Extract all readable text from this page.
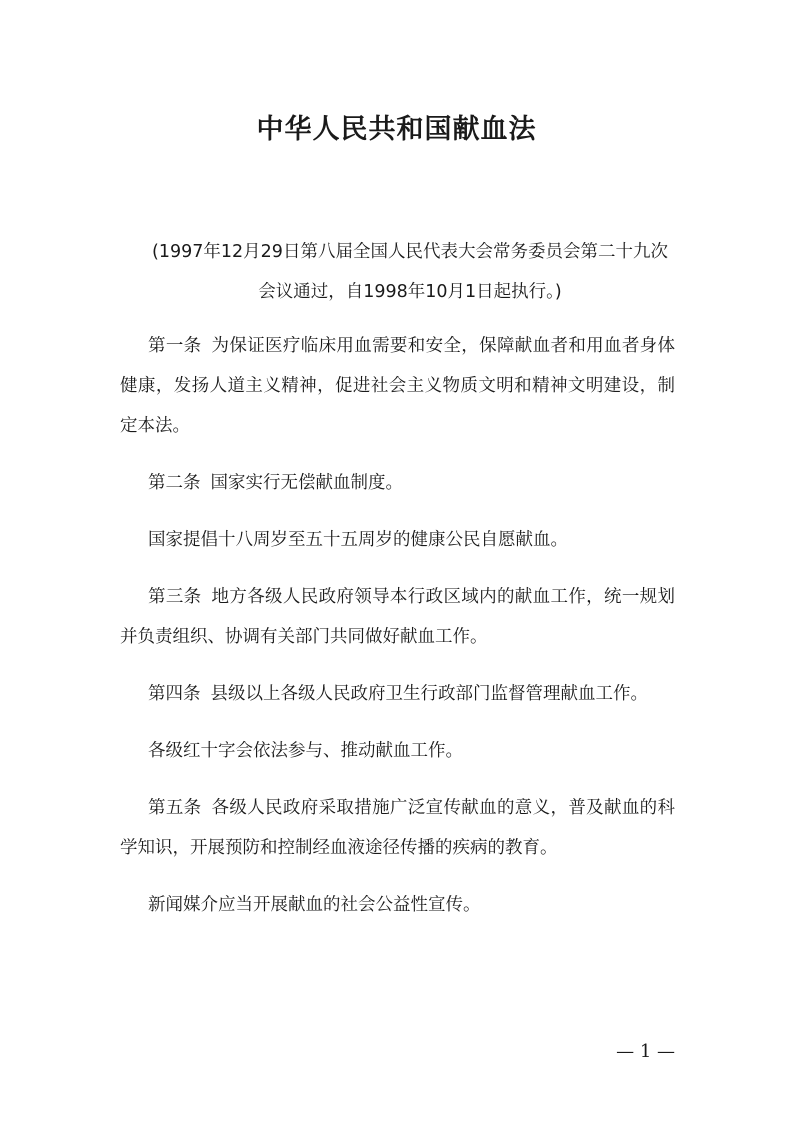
中华人民共和国献血法

(1997年12月29日第八届全国人民代表大会常务委员会第二十九次会议通过，自1998年10月1日起执行。)

第一条 为保证医疗临床用血需要和安全，保障献血者和用血者身体健康，发扬人道主义精神，促进社会主义物质文明和精神文明建设，制定本法。

第二条 国家实行无偿献血制度。

国家提倡十八周岁至五十五周岁的健康公民自愿献血。

第三条 地方各级人民政府领导本行政区域内的献血工作，统一规划并负责组织、协调有关部门共同做好献血工作。

第四条 县级以上各级人民政府卫生行政部门监督管理献血工作。

各级红十字会依法参与、推动献血工作。

第五条 各级人民政府采取措施广泛宣传献血的意义，普及献血的科学知识，开展预防和控制经血液途径传播的疾病的教育。

新闻媒介应当开展献血的社会公益性宣传。

— 1 —
